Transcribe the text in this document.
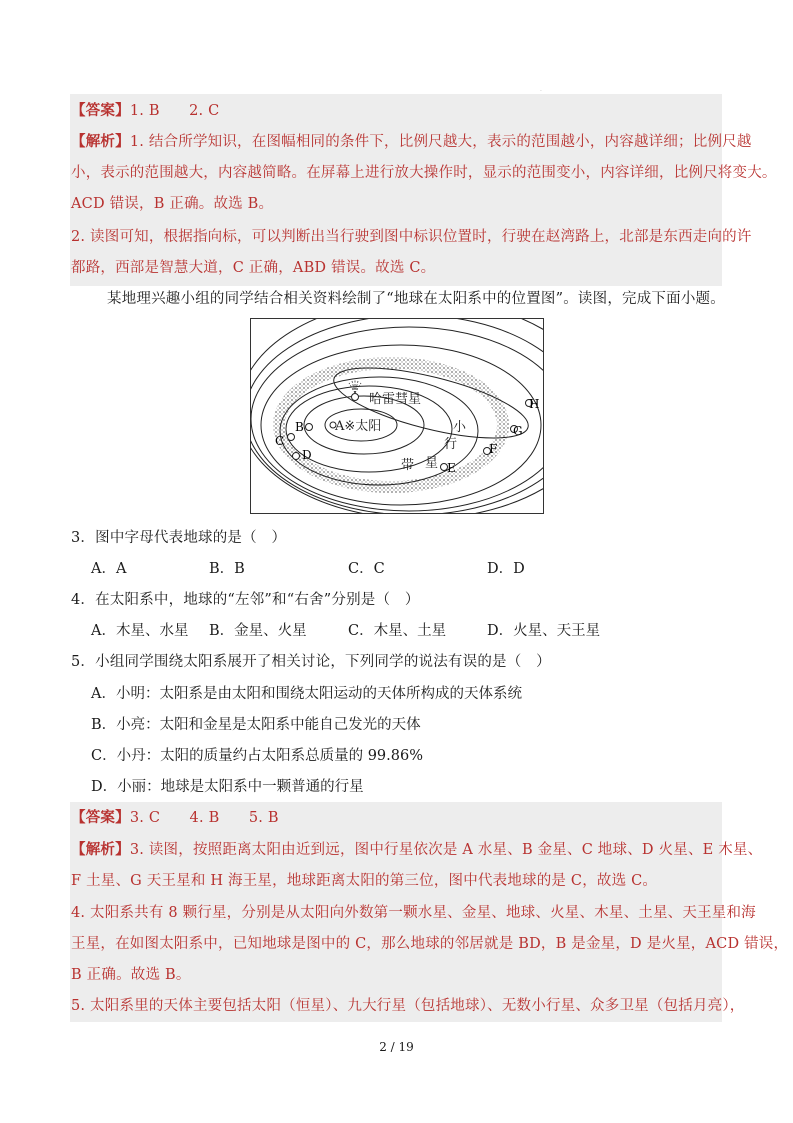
·
【答案】1. B　　2. C
【解析】1. 结合所学知识，在图幅相同的条件下，比例尺越大，表示的范围越小，内容越详细；比例尺越
小，表示的范围越大，内容越简略。在屏幕上进行放大操作时，显示的范围变小，内容详细，比例尺将变大。
ACD 错误，B 正确。故选 B。
2. 读图可知，根据指向标，可以判断出当行驶到图中标识位置时，行驶在赵湾路上，北部是东西走向的许
都路，西部是智慧大道，C 正确，ABD 错误。故选 C。
某地理兴趣小组的同学结合相关资料绘制了“地球在太阳系中的位置图”。读图，完成下面小题。
A※太阳
哈雷彗星
小
行
带 星
B
C
D
E
F
G
H
3．图中字母代表地球的是（　）
A．A	B．B	C．C	D．D
4．在太阳系中，地球的“左邻”和“右舍”分别是（　）
A．木星、水星 B．金星、火星	C．木星、土星	D．火星、天王星
5．小组同学围绕太阳系展开了相关讨论，下列同学的说法有误的是（　）
A．小明：太阳系是由太阳和围绕太阳运动的天体所构成的天体系统
B．小亮：太阳和金星是太阳系中能自己发光的天体
C．小丹：太阳的质量约占太阳系总质量的 99.86%
D．小丽：地球是太阳系中一颗普通的行星
【答案】3. C　　4. B　　5. B
【解析】3. 读图，按照距离太阳由近到远，图中行星依次是 A 水星、B 金星、C 地球、D 火星、E 木星、
F 土星、G 天王星和 H 海王星，地球距离太阳的第三位，图中代表地球的是 C，故选 C。
4. 太阳系共有 8 颗行星，分别是从太阳向外数第一颗水星、金星、地球、火星、木星、土星、天王星和海
王星，在如图太阳系中，已知地球是图中的 C，那么地球的邻居就是 BD，B 是金星，D 是火星，ACD 错误，
B 正确。故选 B。
5. 太阳系里的天体主要包括太阳（恒星）、九大行星（包括地球）、无数小行星、众多卫星（包括月亮），
2 / 19
